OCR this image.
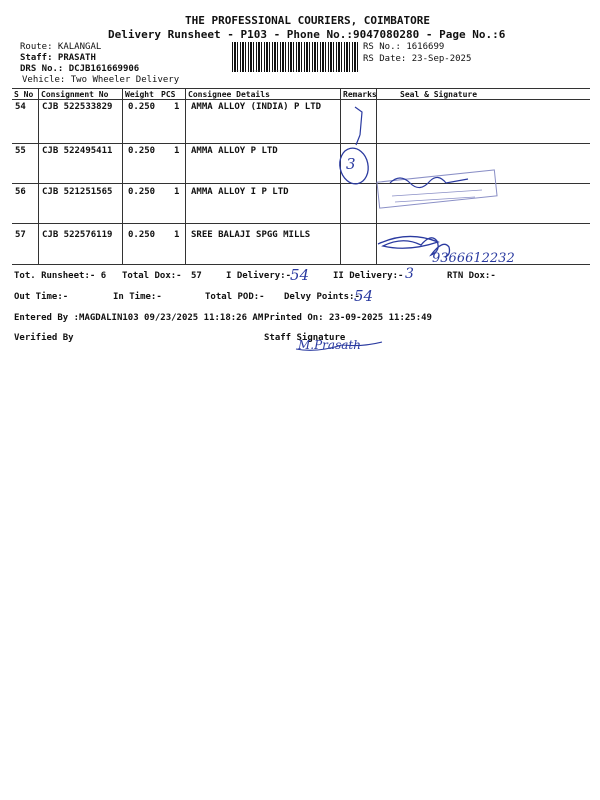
THE PROFESSIONAL COURIERS, COIMBATORE
Delivery Runsheet - P103 - Phone No.:9047080280 - Page No.:6
Route: KALANGAL
Staff: PRASATH
DRS No.: DCJB161669906
Vehicle: Two Wheeler Delivery
RS No.: 1616699
RS Date: 23-Sep-2025
S No Consignment No Weight PCS Consignee Details	Remarks	Seal & Signature
54 CJB 522533829 0.250 1 AMMA ALLOY (INDIA) P LTD
55 CJB 522495411 0.250 1 AMMA ALLOY P LTD
56 CJB 521251565 0.250 1 AMMA ALLOY I P LTD
57 CJB 522576119 0.250 1 SREE BALAJI SPGG MILLS
3
9366612232
Tot. Runsheet:- 6 Total Dox:- 57	I Delivery:-
54	II Delivery:- 3	RTN Dox:-
Out Time:-	In Time:-	Total POD:- Delvy Points:-
54
Entered By :MAGDALIN103 09/23/2025 11:18:26 AM Printed On: 23-09-2025 11:25:49
Verified By	Staff Signature
M.Prasath
